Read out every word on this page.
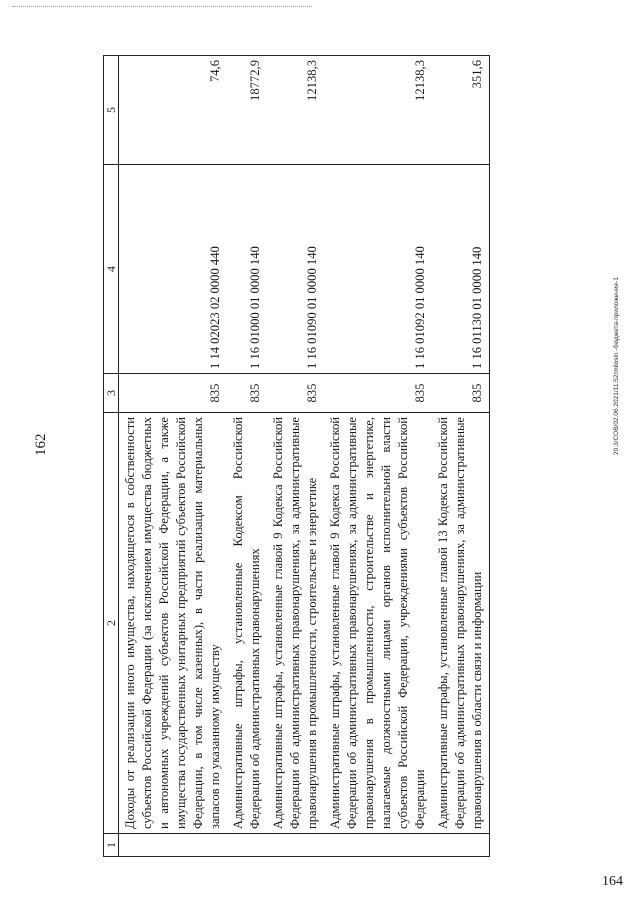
162	20.3/COB/02.06.2021/11:52/milosin -бюджета-приложение-1
1	2	3	4	5
	Доходы от реализации иного имущества, находящегося в собственности субъектов Российской Федерации (за исключением имущества бюджетных и автономных учреждений субъектов Российской Федерации, а также имущества государственных унитарных предприятий субъектов Российской Федерации, в том числе казенных), в части реализации материальных запасов по указанному имуществу	835	1 14 02023 02 0000 440	74,6
	Административные штрафы, установленные Кодексом Российской Федерации об административных правонарушениях	835	1 16 01000 01 0000 140	18772,9
	Административные штрафы, установленные главой 9 Кодекса Российской Федерации об административных правонарушениях, за административные правонарушения в промышленности, строительстве и энергетике	835	1 16 01090 01 0000 140	12138,3
	Административные штрафы, установленные главой 9 Кодекса Российской Федерации об административных правонарушениях, за административные правонарушения в промышленности, строительстве и энергетике, налагаемые должностными лицами органов исполнительной власти субъектов Российской Федерации, учреждениями субъектов Российской Федерации	835	1 16 01092 01 0000 140	12138,3
	Административные штрафы, установленные главой 13 Кодекса Российской Федерации об административных правонарушениях, за административные правонарушения в области связи и информации	835	1 16 01130 01 0000 140	351,6
164
